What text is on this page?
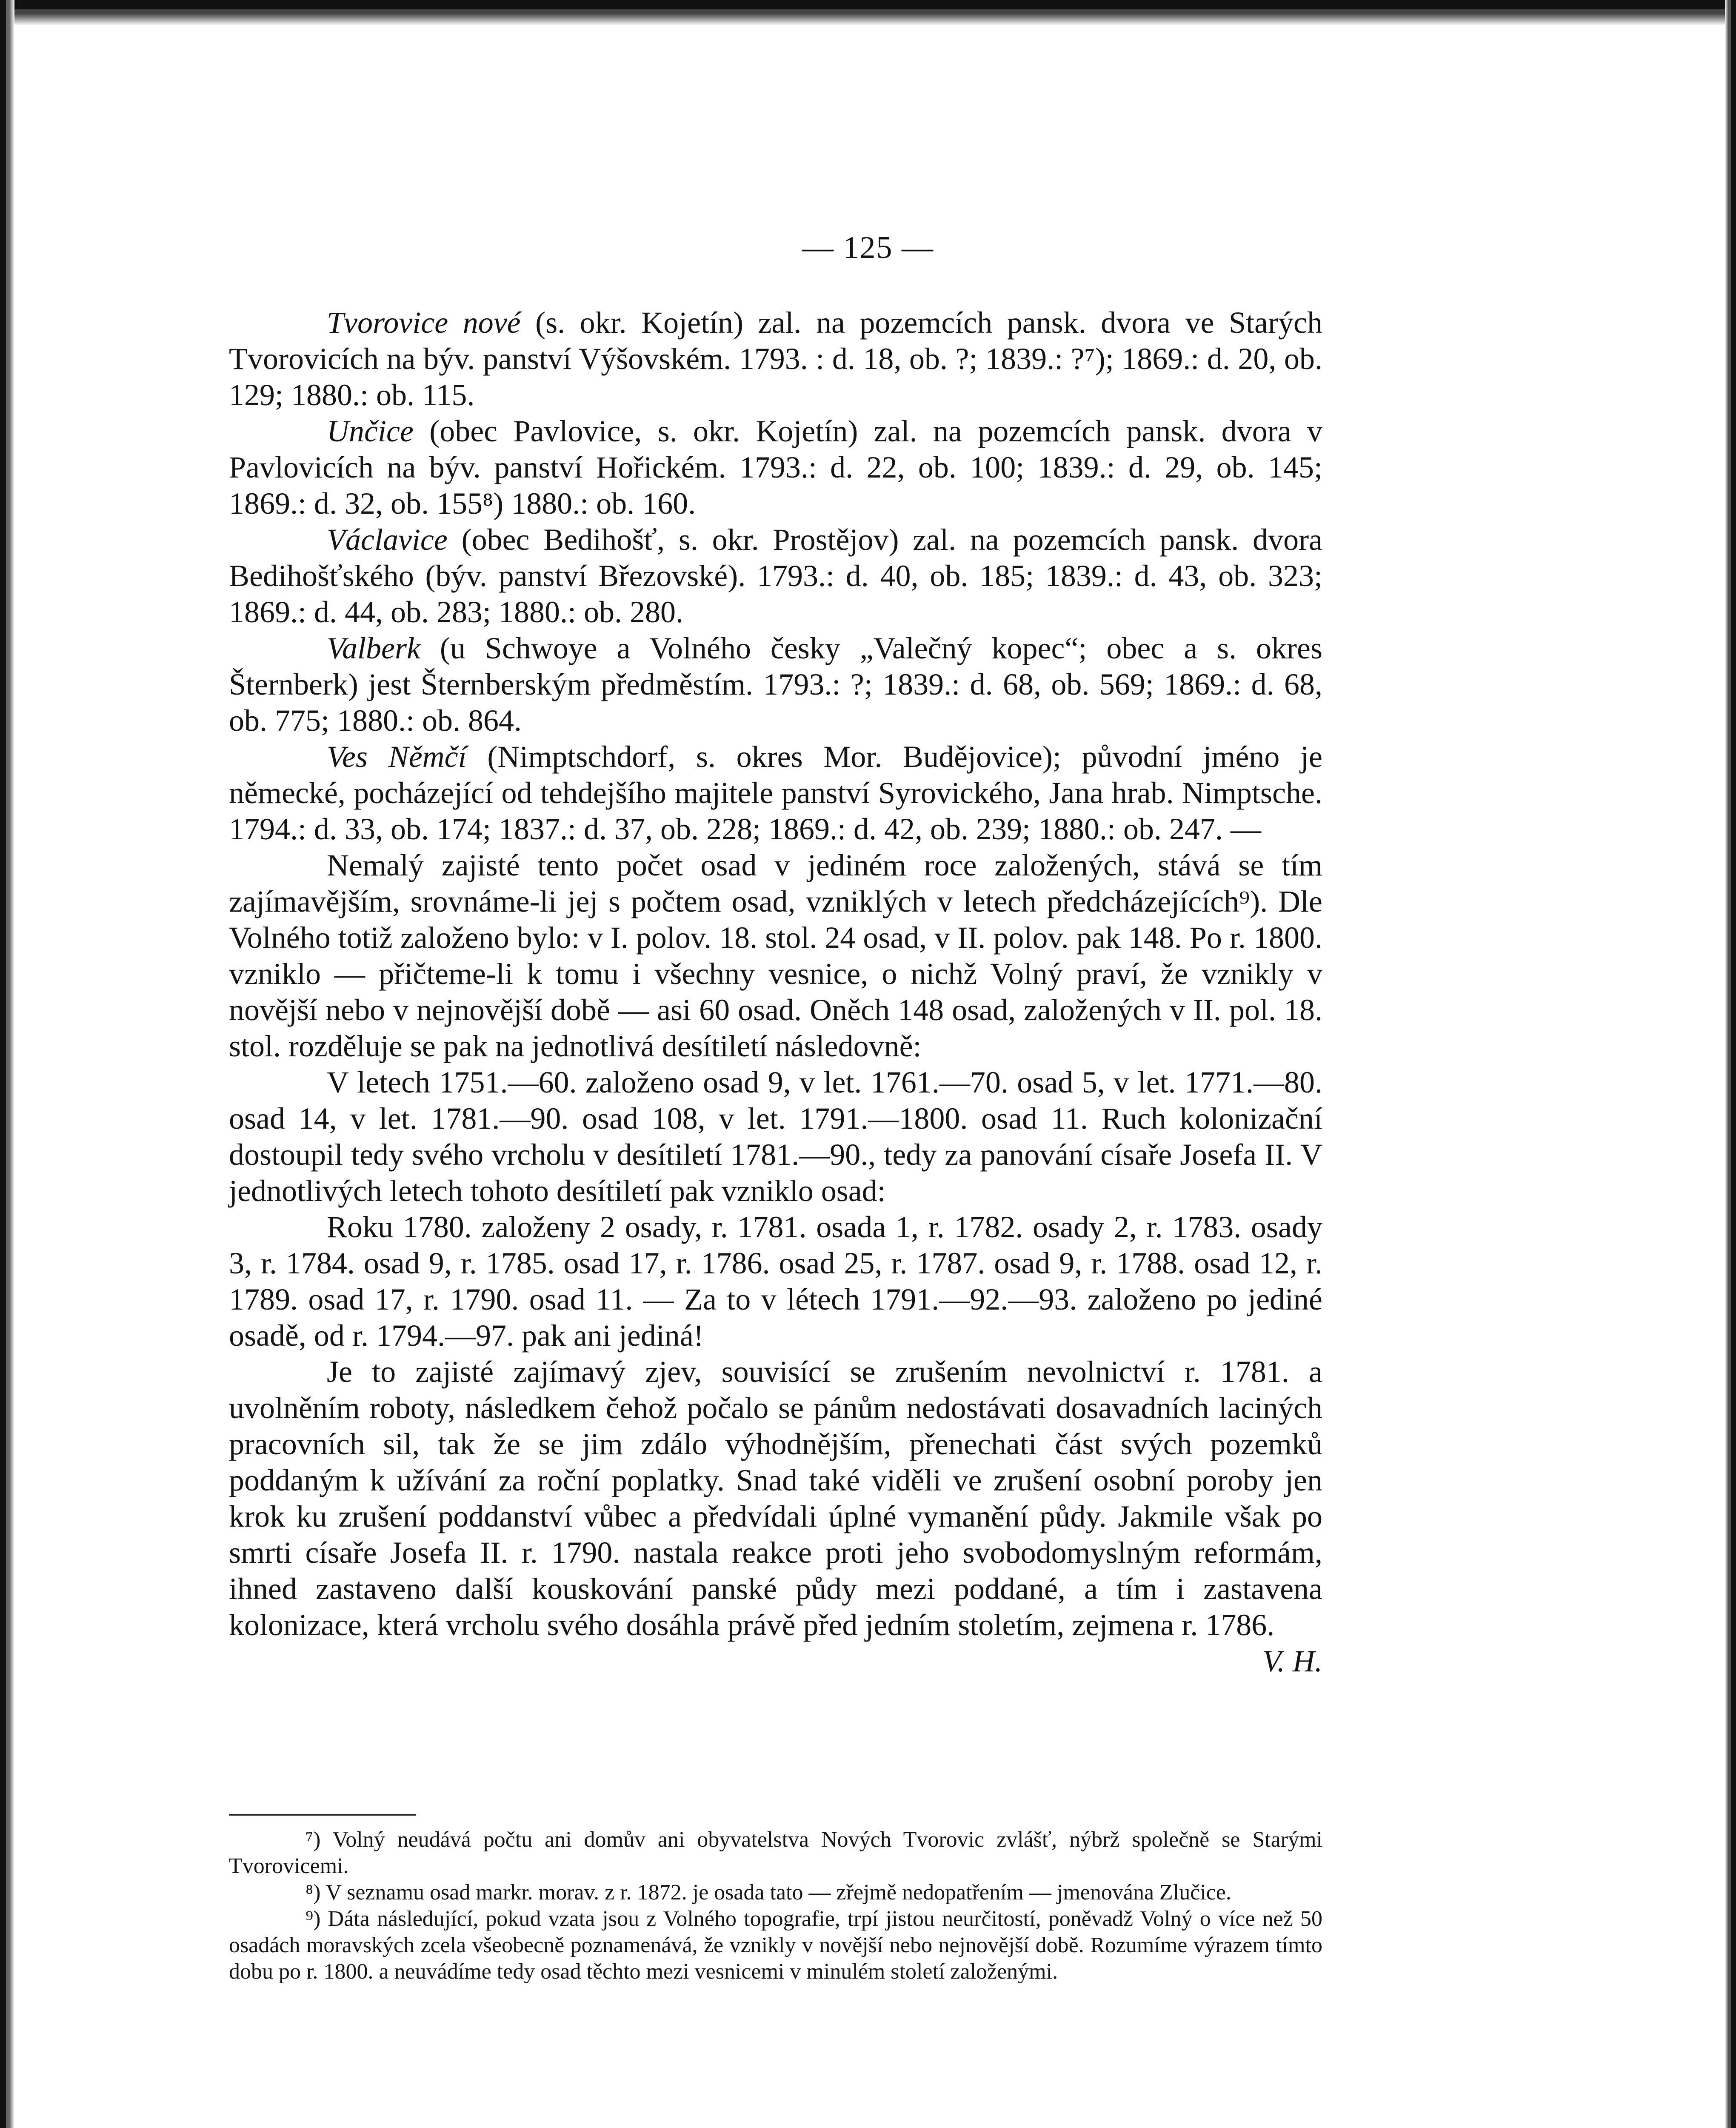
— 125 —

Tvorovice nové (s. okr. Kojetín) zal. na pozemcích pansk. dvora ve Starých Tvorovicích na býv. panství Výšovském. 1793. : d. 18, ob. ?; 1839.: ?⁷); 1869.: d. 20, ob. 129; 1880.: ob. 115.

Unčice (obec Pavlovice, s. okr. Kojetín) zal. na pozemcích pansk. dvora v Pavlovicích na býv. panství Hořickém. 1793.: d. 22, ob. 100; 1839.: d. 29, ob. 145; 1869.: d. 32, ob. 155⁸) 1880.: ob. 160.

Václavice (obec Bedihošť, s. okr. Prostějov) zal. na pozemcích pansk. dvora Bedihošťského (býv. panství Březovské). 1793.: d. 40, ob. 185; 1839.: d. 43, ob. 323; 1869.: d. 44, ob. 283; 1880.: ob. 280.

Valberk (u Schwoye a Volného česky „Valečný kopec“; obec a s. okres Šternberk) jest Šternberským předměstím. 1793.: ?; 1839.: d. 68, ob. 569; 1869.: d. 68, ob. 775; 1880.: ob. 864.

Ves Němčí (Nimptschdorf, s. okres Mor. Budějovice); původní jméno je německé, pocházející od tehdejšího majitele panství Syrovického, Jana hrab. Nimptsche. 1794.: d. 33, ob. 174; 1837.: d. 37, ob. 228; 1869.: d. 42, ob. 239; 1880.: ob. 247. —

Nemalý zajisté tento počet osad v jediném roce založených, stává se tím zajímavějším, srovnáme-li jej s počtem osad, vzniklých v letech předcházejících⁹). Dle Volného totiž založeno bylo: v I. polov. 18. stol. 24 osad, v II. polov. pak 148. Po r. 1800. vzniklo — přičteme-li k tomu i všechny vesnice, o nichž Volný praví, že vznikly v novější nebo v nejnovější době — asi 60 osad. Oněch 148 osad, založených v II. pol. 18. stol. rozděluje se pak na jednotlivá desítiletí následovně:

V letech 1751.—60. založeno osad 9, v let. 1761.—70. osad 5, v let. 1771.—80. osad 14, v let. 1781.—90. osad 108, v let. 1791.—1800. osad 11. Ruch kolonizační dostoupil tedy svého vrcholu v desítiletí 1781.—90., tedy za panování císaře Josefa II. V jednotlivých letech tohoto desítiletí pak vzniklo osad:

Roku 1780. založeny 2 osady, r. 1781. osada 1, r. 1782. osady 2, r. 1783. osady 3, r. 1784. osad 9, r. 1785. osad 17, r. 1786. osad 25, r. 1787. osad 9, r. 1788. osad 12, r. 1789. osad 17, r. 1790. osad 11. — Za to v létech 1791.—92.—93. založeno po jediné osadě, od r. 1794.—97. pak ani jediná!

Je to zajisté zajímavý zjev, souvisící se zrušením nevolnictví r. 1781. a uvolněním roboty, následkem čehož počalo se pánům nedostávati dosavadních laciných pracovních sil, tak že se jim zdálo výhodnějším, přenechati část svých pozemků poddaným k užívání za roční poplatky. Snad také viděli ve zrušení osobní poroby jen krok ku zrušení poddanství vůbec a předvídali úplné vymanění půdy. Jakmile však po smrti císaře Josefa II. r. 1790. nastala reakce proti jeho svobodomyslným reformám, ihned zastaveno další kouskování panské půdy mezi poddané, a tím i zastavena kolonizace, která vrcholu svého dosáhla právě před jedním stoletím, zejmena r. 1786.
V. H.

⁷) Volný neudává počtu ani domův ani obyvatelstva Nových Tvorovic zvlášť, nýbrž společně se Starými Tvorovicemi.

⁸) V seznamu osad markr. morav. z r. 1872. je osada tato — zřejmě nedopatřením — jmenována Zlučice.

⁹) Dáta následující, pokud vzata jsou z Volného topografie, trpí jistou neurčitostí, poněvadž Volný o více než 50 osadách moravských zcela všeobecně poznamenává, že vznikly v novější nebo nejnovější době. Rozumíme výrazem tímto dobu po r. 1800. a neuvádíme tedy osad těchto mezi vesnicemi v minulém století založenými.
